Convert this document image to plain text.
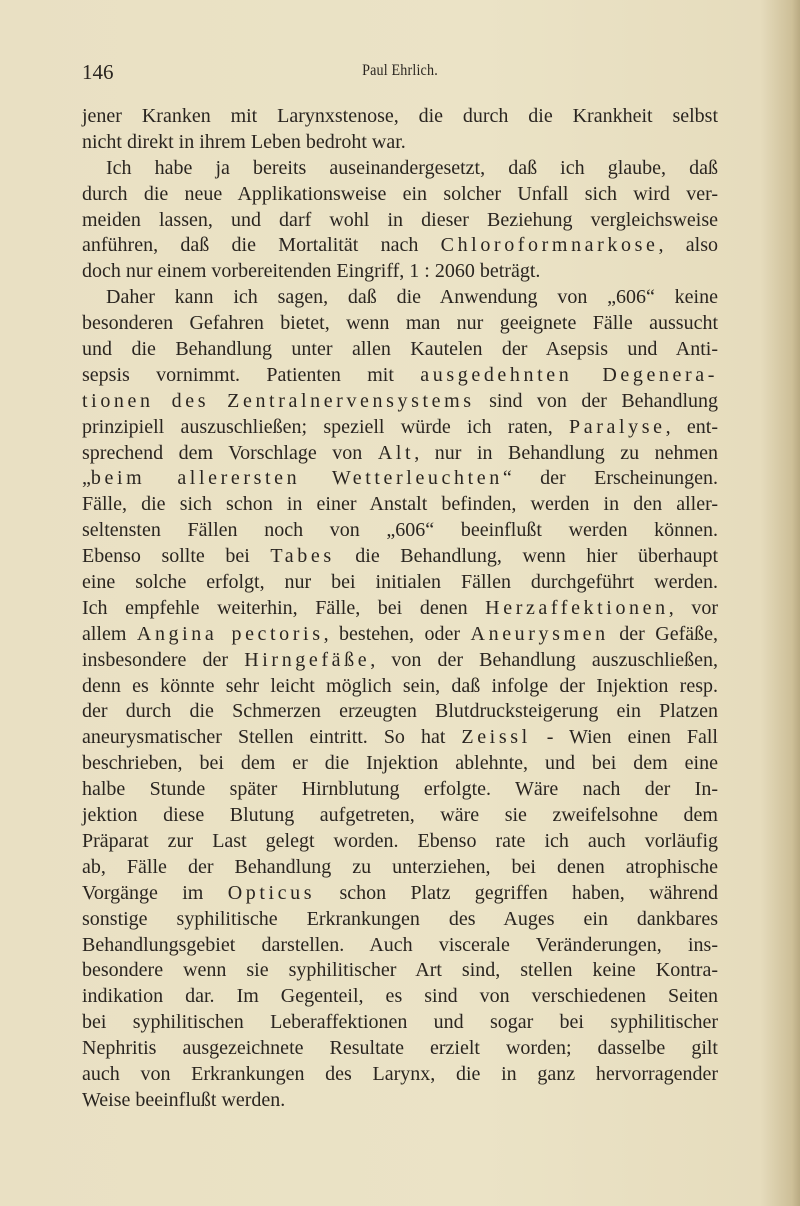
146	Paul Ehrlich.
jener Kranken mit Larynxstenose, die durch die Krankheit selbst
nicht direkt in ihrem Leben bedroht war.
Ich habe ja bereits auseinandergesetzt, daß ich glaube, daß
durch die neue Applikationsweise ein solcher Unfall sich wird ver-
meiden lassen, und darf wohl in dieser Beziehung vergleichsweise
anführen, daß die Mortalität nach Chloroformnarkose, also
doch nur einem vorbereitenden Eingriff, 1 : 2060 beträgt.
Daher kann ich sagen, daß die Anwendung von „606“ keine
besonderen Gefahren bietet, wenn man nur geeignete Fälle aussucht
und die Behandlung unter allen Kautelen der Asepsis und Anti-
sepsis vornimmt. Patienten mit ausgedehnten Degenera-
tionen des Zentralnervensystems sind von der Behandlung
prinzipiell auszuschließen; speziell würde ich raten, Paralyse, ent-
sprechend dem Vorschlage von Alt, nur in Behandlung zu nehmen
„beim allerersten Wetterleuchten“ der Erscheinungen.
Fälle, die sich schon in einer Anstalt befinden, werden in den aller-
seltensten Fällen noch von „606“ beeinflußt werden können.
Ebenso sollte bei Tabes die Behandlung, wenn hier überhaupt
eine solche erfolgt, nur bei initialen Fällen durchgeführt werden.
Ich empfehle weiterhin, Fälle, bei denen Herzaffektionen, vor
allem Angina pectoris, bestehen, oder Aneurysmen der Gefäße,
insbesondere der Hirngefäße, von der Behandlung auszuschließen,
denn es könnte sehr leicht möglich sein, daß infolge der Injektion resp.
der durch die Schmerzen erzeugten Blutdrucksteigerung ein Platzen
aneurysmatischer Stellen eintritt. So hat Zeissl - Wien einen Fall
beschrieben, bei dem er die Injektion ablehnte, und bei dem eine
halbe Stunde später Hirnblutung erfolgte. Wäre nach der In-
jektion diese Blutung aufgetreten, wäre sie zweifelsohne dem
Präparat zur Last gelegt worden. Ebenso rate ich auch vorläufig
ab, Fälle der Behandlung zu unterziehen, bei denen atrophische
Vorgänge im Opticus schon Platz gegriffen haben, während
sonstige syphilitische Erkrankungen des Auges ein dankbares
Behandlungsgebiet darstellen. Auch viscerale Veränderungen, ins-
besondere wenn sie syphilitischer Art sind, stellen keine Kontra-
indikation dar. Im Gegenteil, es sind von verschiedenen Seiten
bei syphilitischen Leberaffektionen und sogar bei syphilitischer
Nephritis ausgezeichnete Resultate erzielt worden; dasselbe gilt
auch von Erkrankungen des Larynx, die in ganz hervorragender
Weise beeinflußt werden.
